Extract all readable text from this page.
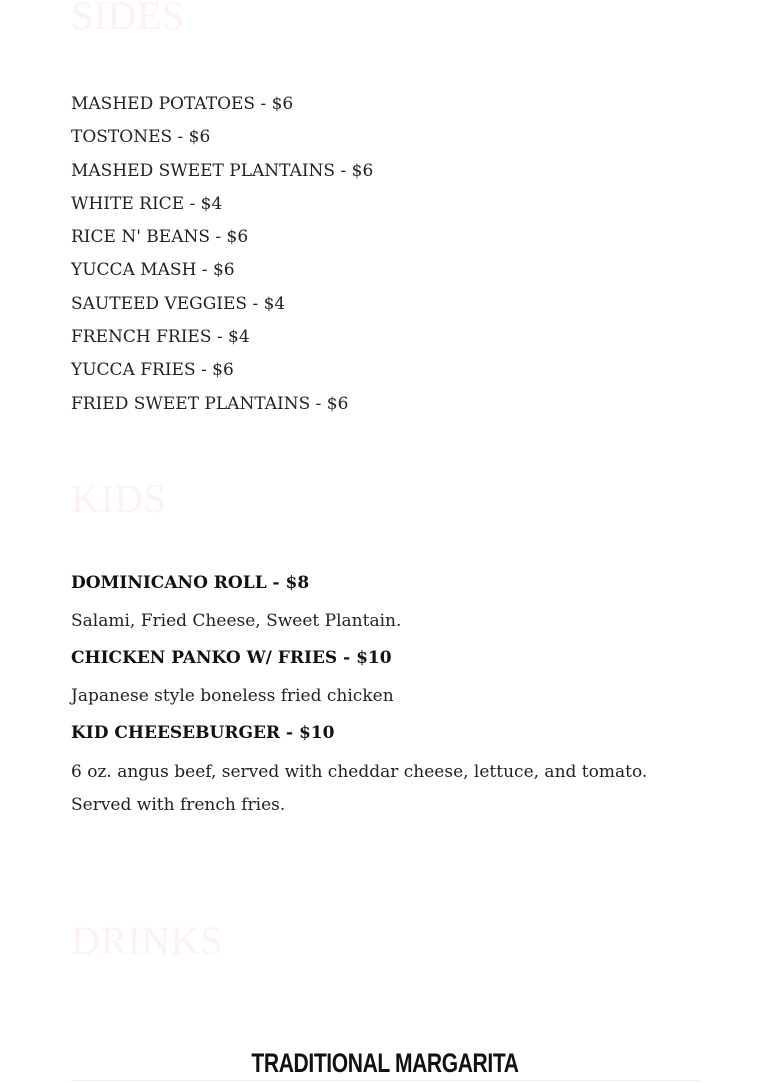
SIDES
MASHED POTATOES - $6
TOSTONES - $6
MASHED SWEET PLANTAINS - $6
WHITE RICE - $4
RICE N' BEANS - $6
YUCCA MASH - $6
SAUTEED VEGGIES - $4
FRENCH FRIES - $4
YUCCA FRIES - $6
FRIED SWEET PLANTAINS - $6
KIDS

DOMINICANO ROLL - $8

Salami, Fried Cheese, Sweet Plantain.

CHICKEN PANKO W/ FRIES - $10

Japanese style boneless fried chicken

KID CHEESEBURGER - $10

6 oz. angus beef, served with cheddar cheese, lettuce, and tomato. Served with french fries.

DRINKS
TRADITIONAL MARGARITA
